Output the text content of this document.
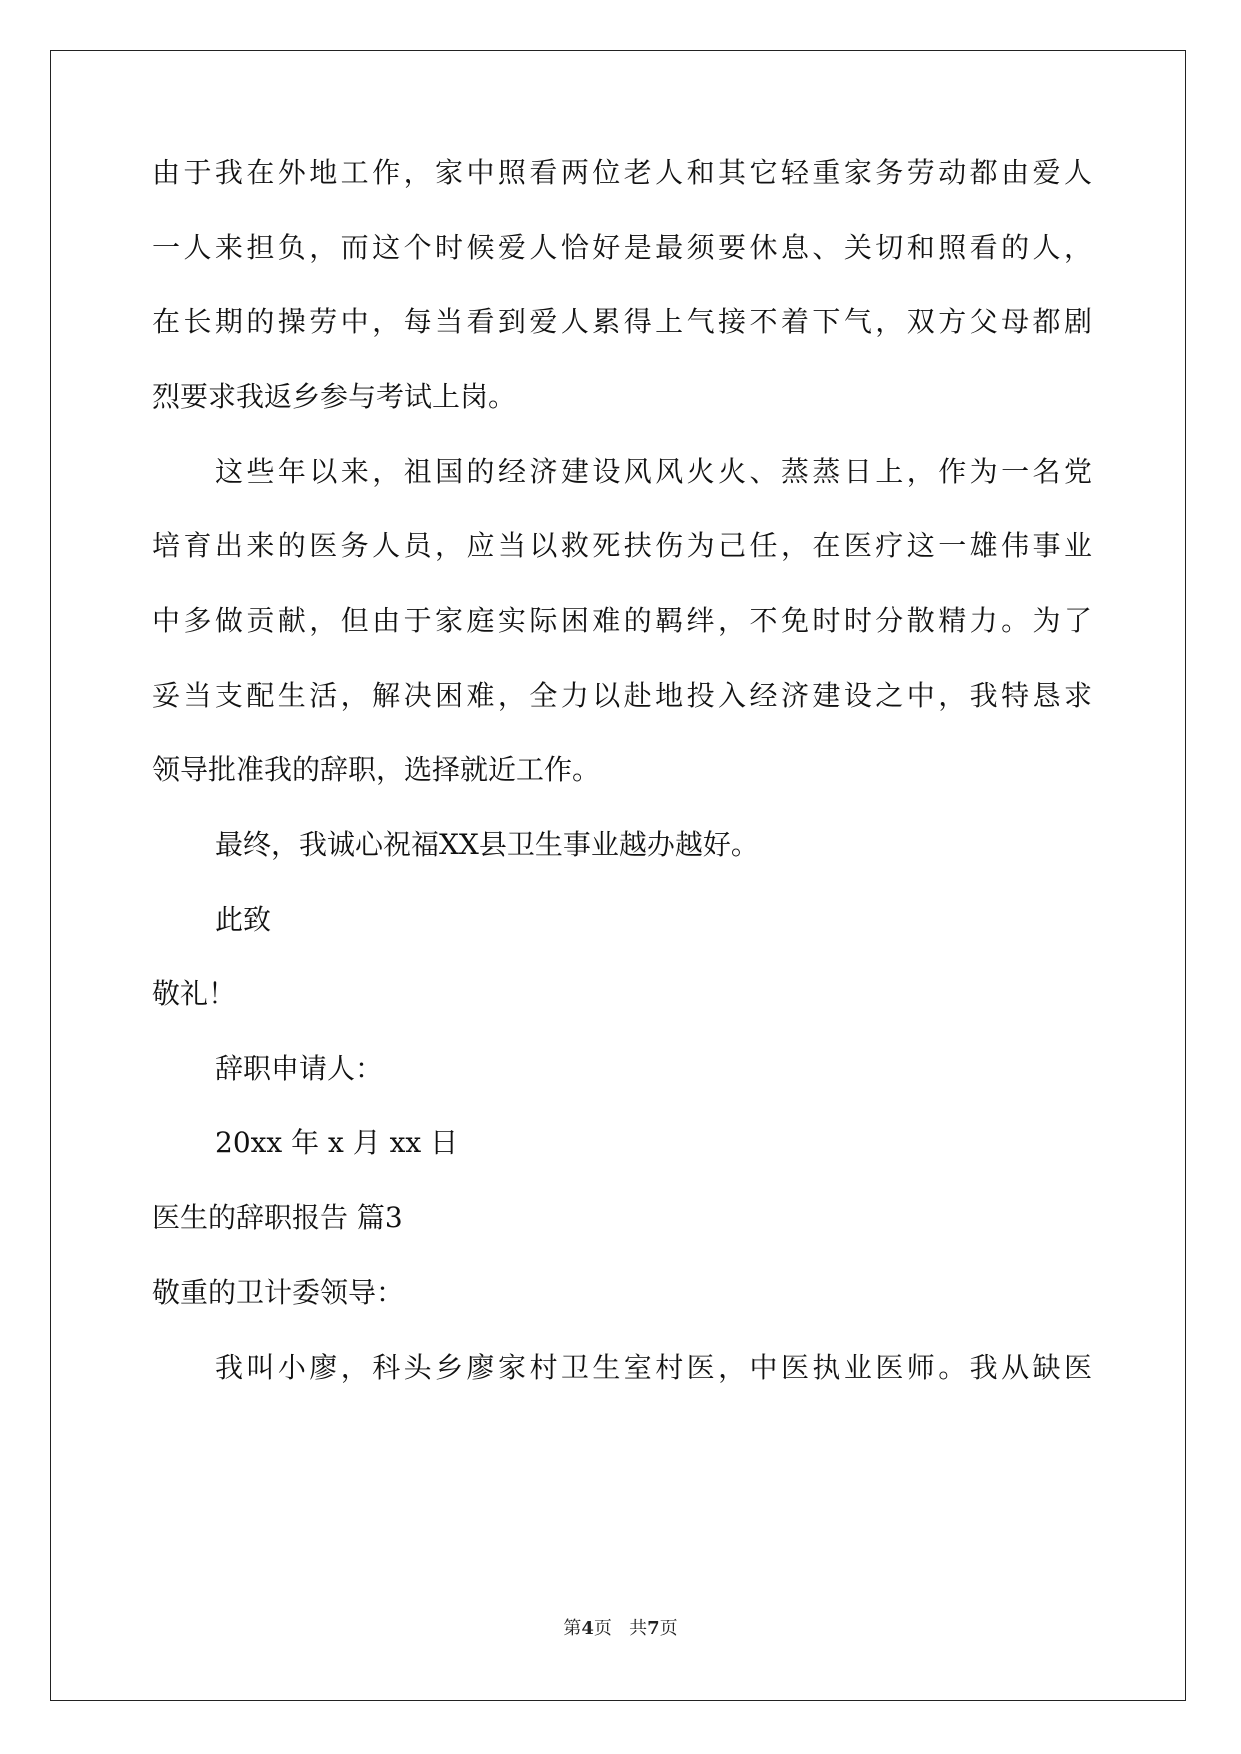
由于我在外地工作，家中照看两位老人和其它轻重家务劳动都由爱人
一人来担负，而这个时候爱人恰好是最须要休息、关切和照看的人，
在长期的操劳中，每当看到爱人累得上气接不着下气，双方父母都剧
烈要求我返乡参与考试上岗。
这些年以来，祖国的经济建设风风火火、蒸蒸日上，作为一名党
培育出来的医务人员，应当以救死扶伤为己任，在医疗这一雄伟事业
中多做贡献，但由于家庭实际困难的羁绊，不免时时分散精力。为了
妥当支配生活，解决困难，全力以赴地投入经济建设之中，我特恳求
领导批准我的辞职，选择就近工作。
最终，我诚心祝福XX县卫生事业越办越好。
此致
敬礼！
辞职申请人：
20xx 年 x 月 xx 日
医生的辞职报告 篇3
敬重的卫计委领导：
我叫小廖，科头乡廖家村卫生室村医，中医执业医师。我从缺医
第4页 共7页
